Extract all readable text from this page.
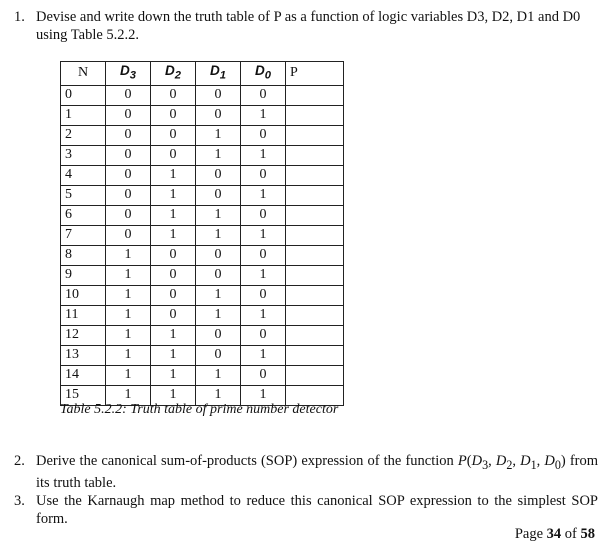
1. Devise and write down the truth table of P as a function of logic variables D3, D2, D1 and D0 using Table 5.2.2.
N	$D_3$	$D_2$	$D_1$	$D_0$	P
0	0	0	0	0	
1	0	0	0	1	
2	0	0	1	0	
3	0	0	1	1	
4	0	1	0	0	
5	0	1	0	1	
6	0	1	1	0	
7	0	1	1	1	
8	1	0	0	0	
9	1	0	0	1	
10	1	0	1	0	
11	1	0	1	1	
12	1	1	0	0	
13	1	1	0	1	
14	1	1	1	0	
15	1	1	1	1	
Table 5.2.2: Truth table of prime number detector
2. Derive the canonical sum-of-products (SOP) expression of the function $P(D_3$, $D_2$, $D_1$, $D_0$) from its truth table.
3. Use the Karnaugh map method to reduce this canonical SOP expression to the simplest SOP form.
Page 34 of 58
